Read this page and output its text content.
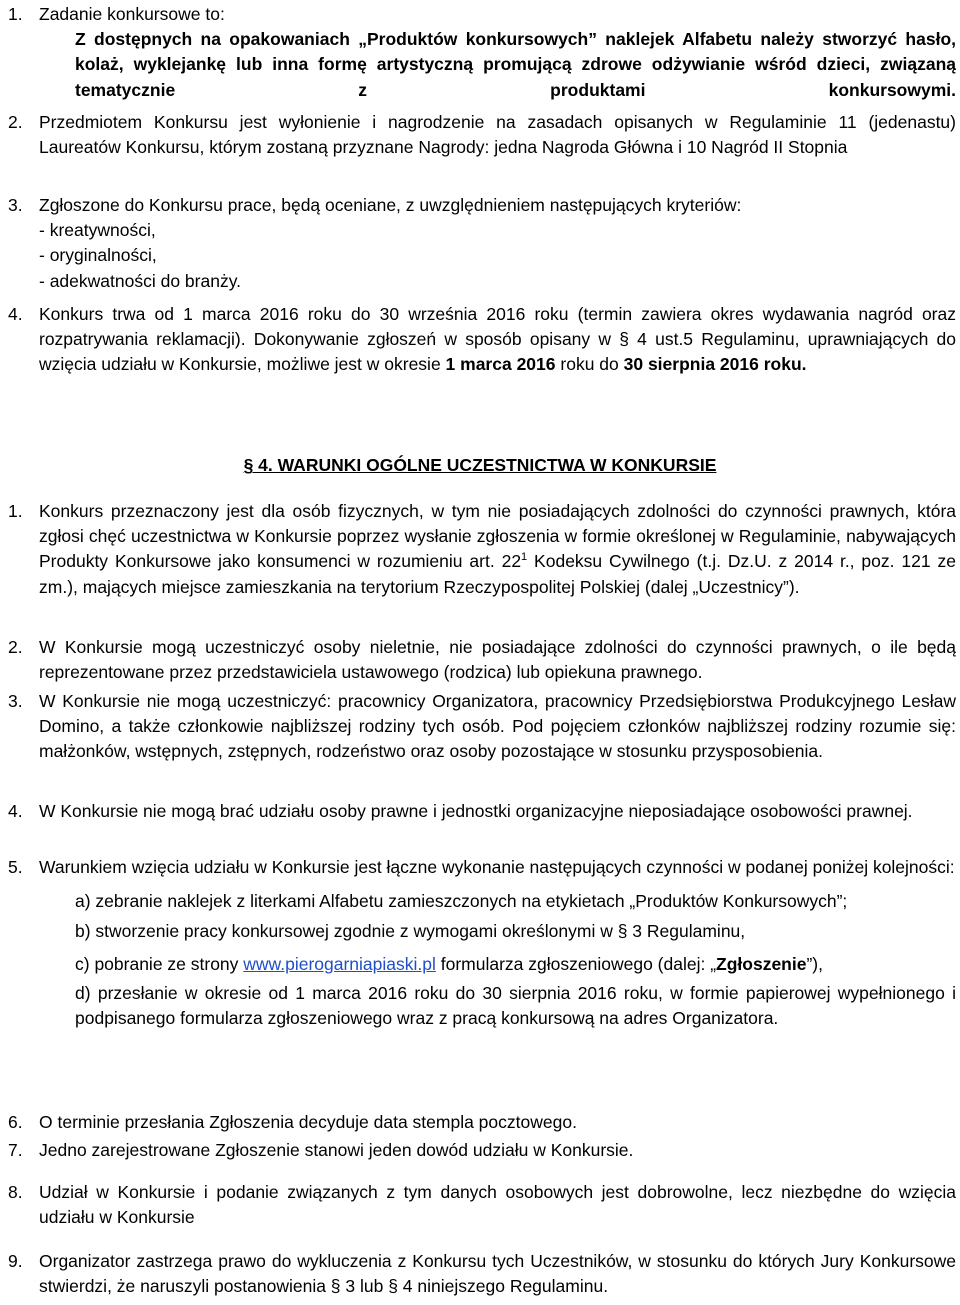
1. Zadanie konkursowe to:
Z dostępnych na opakowaniach „Produktów konkursowych” naklejek Alfabetu należy stworzyć hasło, kolaż, wyklejankę lub inna formę artystyczną promującą zdrowe odżywianie wśród dzieci, związaną tematycznie z produktami konkursowymi.
2. Przedmiotem Konkursu jest wyłonienie i nagrodzenie na zasadach opisanych w Regulaminie 11 (jedenastu) Laureatów Konkursu, którym zostaną przyznane Nagrody: jedna Nagroda Główna i 10 Nagród II Stopnia
3. Zgłoszone do Konkursu prace, będą oceniane, z uwzględnieniem następujących kryteriów:
- kreatywności,
- oryginalności,
- adekwatności do branży.
4. Konkurs trwa od 1 marca 2016 roku do 30 września 2016 roku (termin zawiera okres wydawania nagród oraz rozpatrywania reklamacji). Dokonywanie zgłoszeń w sposób opisany w § 4 ust.5 Regulaminu, uprawniających do wzięcia udziału w Konkursie, możliwe jest w okresie 1 marca 2016 roku do 30 sierpnia 2016 roku.
§ 4. WARUNKI OGÓLNE UCZESTNICTWA W KONKURSIE
1. Konkurs przeznaczony jest dla osób fizycznych, w tym nie posiadających zdolności do czynności prawnych, która zgłosi chęć uczestnictwa w Konkursie poprzez wysłanie zgłoszenia w formie określonej w Regulaminie, nabywających Produkty Konkursowe jako konsumenci w rozumieniu art. $22^1$ Kodeksu Cywilnego (t.j. Dz.U. z 2014 r., poz. 121 ze zm.), mających miejsce zamieszkania na terytorium Rzeczypospolitej Polskiej (dalej „Uczestnicy”).
2. W Konkursie mogą uczestniczyć osoby nieletnie, nie posiadające zdolności do czynności prawnych, o ile będą reprezentowane przez przedstawiciela ustawowego (rodzica) lub opiekuna prawnego.
3. W Konkursie nie mogą uczestniczyć: pracownicy Organizatora, pracownicy Przedsiębiorstwa Produkcyjnego Lesław Domino, a także członkowie najbliższej rodziny tych osób. Pod pojęciem członków najbliższej rodziny rozumie się: małżonków, wstępnych, zstępnych, rodzeństwo oraz osoby pozostające w stosunku przysposobienia.
4. W Konkursie nie mogą brać udziału osoby prawne i jednostki organizacyjne nieposiadające osobowości prawnej.
5. Warunkiem wzięcia udziału w Konkursie jest łączne wykonanie następujących czynności w podanej poniżej kolejności:
a) zebranie naklejek z literkami Alfabetu zamieszczonych na etykietach „Produktów Konkursowych”;
b) stworzenie pracy konkursowej zgodnie z wymogami określonymi w § 3 Regulaminu,
c) pobranie ze strony www.pierogarniapiaski.pl formularza zgłoszeniowego (dalej: „Zgłoszenie”),
d) przesłanie w okresie od 1 marca 2016 roku do 30 sierpnia 2016 roku, w formie papierowej wypełnionego i podpisanego formularza zgłoszeniowego wraz z pracą konkursową na adres Organizatora.
6. O terminie przesłania Zgłoszenia decyduje data stempla pocztowego.
7. Jedno zarejestrowane Zgłoszenie stanowi jeden dowód udziału w Konkursie.
8. Udział w Konkursie i podanie związanych z tym danych osobowych jest dobrowolne, lecz niezbędne do wzięcia udziału w Konkursie
9. Organizator zastrzega prawo do wykluczenia z Konkursu tych Uczestników, w stosunku do których Jury Konkursowe stwierdzi, że naruszyli postanowienia § 3 lub § 4 niniejszego Regulaminu.
